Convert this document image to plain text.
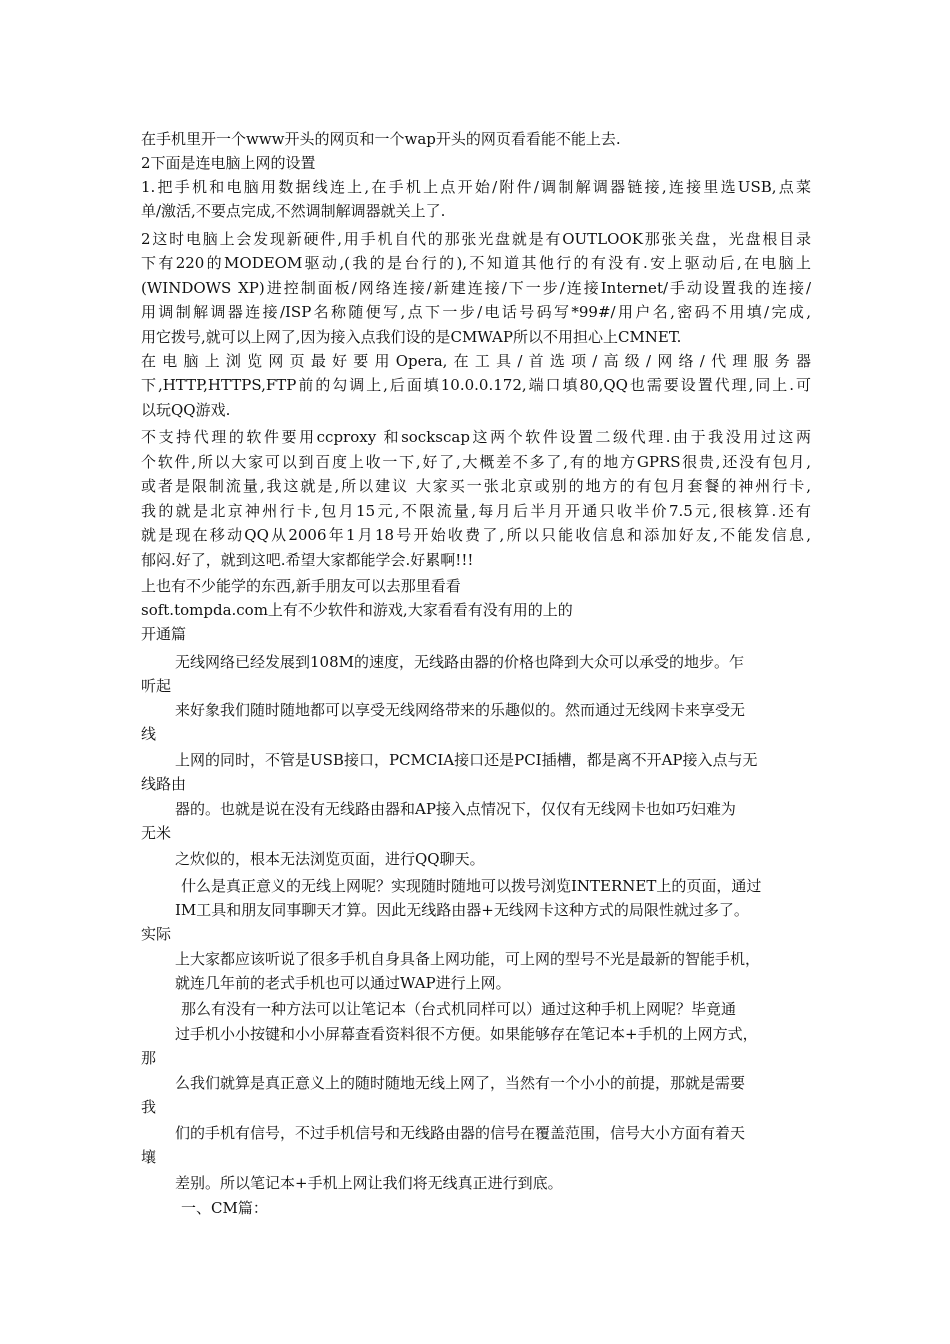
在手机里开一个www开头的网页和一个wap开头的网页看看能不能上去.

2下面是连电脑上网的设置

1.把手机和电脑用数据线连上,在手机上点开始/附件/调制解调器链接,连接里选USB,点菜

单/激活,不要点完成,不然调制解调器就关上了.

2这时电脑上会发现新硬件,用手机自代的那张光盘就是有OUTLOOK那张关盘，光盘根目录

下有220的MODEOM驱动,(我的是台行的),不知道其他行的有没有.安上驱动后,在电脑上

(WINDOWS XP)进控制面板/网络连接/新建连接/下一步/连接Internet/手动设置我的连接/

用调制解调器连接/ISP名称随便写,点下一步/电话号码写*99#/用户名,密码不用填/完成,

用它拨号,就可以上网了,因为接入点我们设的是CMWAP所以不用担心上CMNET.

在电脑上浏览网页最好要用Opera,在工具/首选项/高级/网络/代理服务器

下,HTTP,HTTPS,FTP前的勾调上,后面填10.0.0.172,端口填80,QQ也需要设置代理,同上.可

以玩QQ游戏.

不支持代理的软件要用ccproxy 和sockscap这两个软件设置二级代理.由于我没用过这两

个软件,所以大家可以到百度上收一下,好了,大概差不多了,有的地方GPRS很贵,还没有包月,

或者是限制流量,我这就是,所以建议 大家买一张北京或别的地方的有包月套餐的神州行卡,

我的就是北京神州行卡,包月15元,不限流量,每月后半月开通只收半价7.5元,很核算.还有

就是现在移动QQ从2006年1月18号开始收费了,所以只能收信息和添加好友,不能发信息,

郁闷.好了，就到这吧.希望大家都能学会.好累啊!!!

上也有不少能学的东西,新手朋友可以去那里看看

soft.tompda.com上有不少软件和游戏,大家看看有没有用的上的

开通篇

无线网络已经发展到108M的速度，无线路由器的价格也降到大众可以承受的地步。乍

听起

来好象我们随时随地都可以享受无线网络带来的乐趣似的。然而通过无线网卡来享受无

线

上网的同时，不管是USB接口，PCMCIA接口还是PCI插槽，都是离不开AP接入点与无

线路由

器的。也就是说在没有无线路由器和AP接入点情况下，仅仅有无线网卡也如巧妇难为

无米

之炊似的，根本无法浏览页面，进行QQ聊天。

什么是真正意义的无线上网呢？实现随时随地可以拨号浏览INTERNET上的页面，通过

IM工具和朋友同事聊天才算。因此无线路由器+无线网卡这种方式的局限性就过多了。

实际

上大家都应该听说了很多手机自身具备上网功能，可上网的型号不光是最新的智能手机，

就连几年前的老式手机也可以通过WAP进行上网。

那么有没有一种方法可以让笔记本（台式机同样可以）通过这种手机上网呢？毕竟通

过手机小小按键和小小屏幕查看资料很不方便。如果能够存在笔记本+手机的上网方式，

那

么我们就算是真正意义上的随时随地无线上网了，当然有一个小小的前提，那就是需要

我

们的手机有信号，不过手机信号和无线路由器的信号在覆盖范围，信号大小方面有着天

壤

差别。所以笔记本+手机上网让我们将无线真正进行到底。

一、CM篇：
